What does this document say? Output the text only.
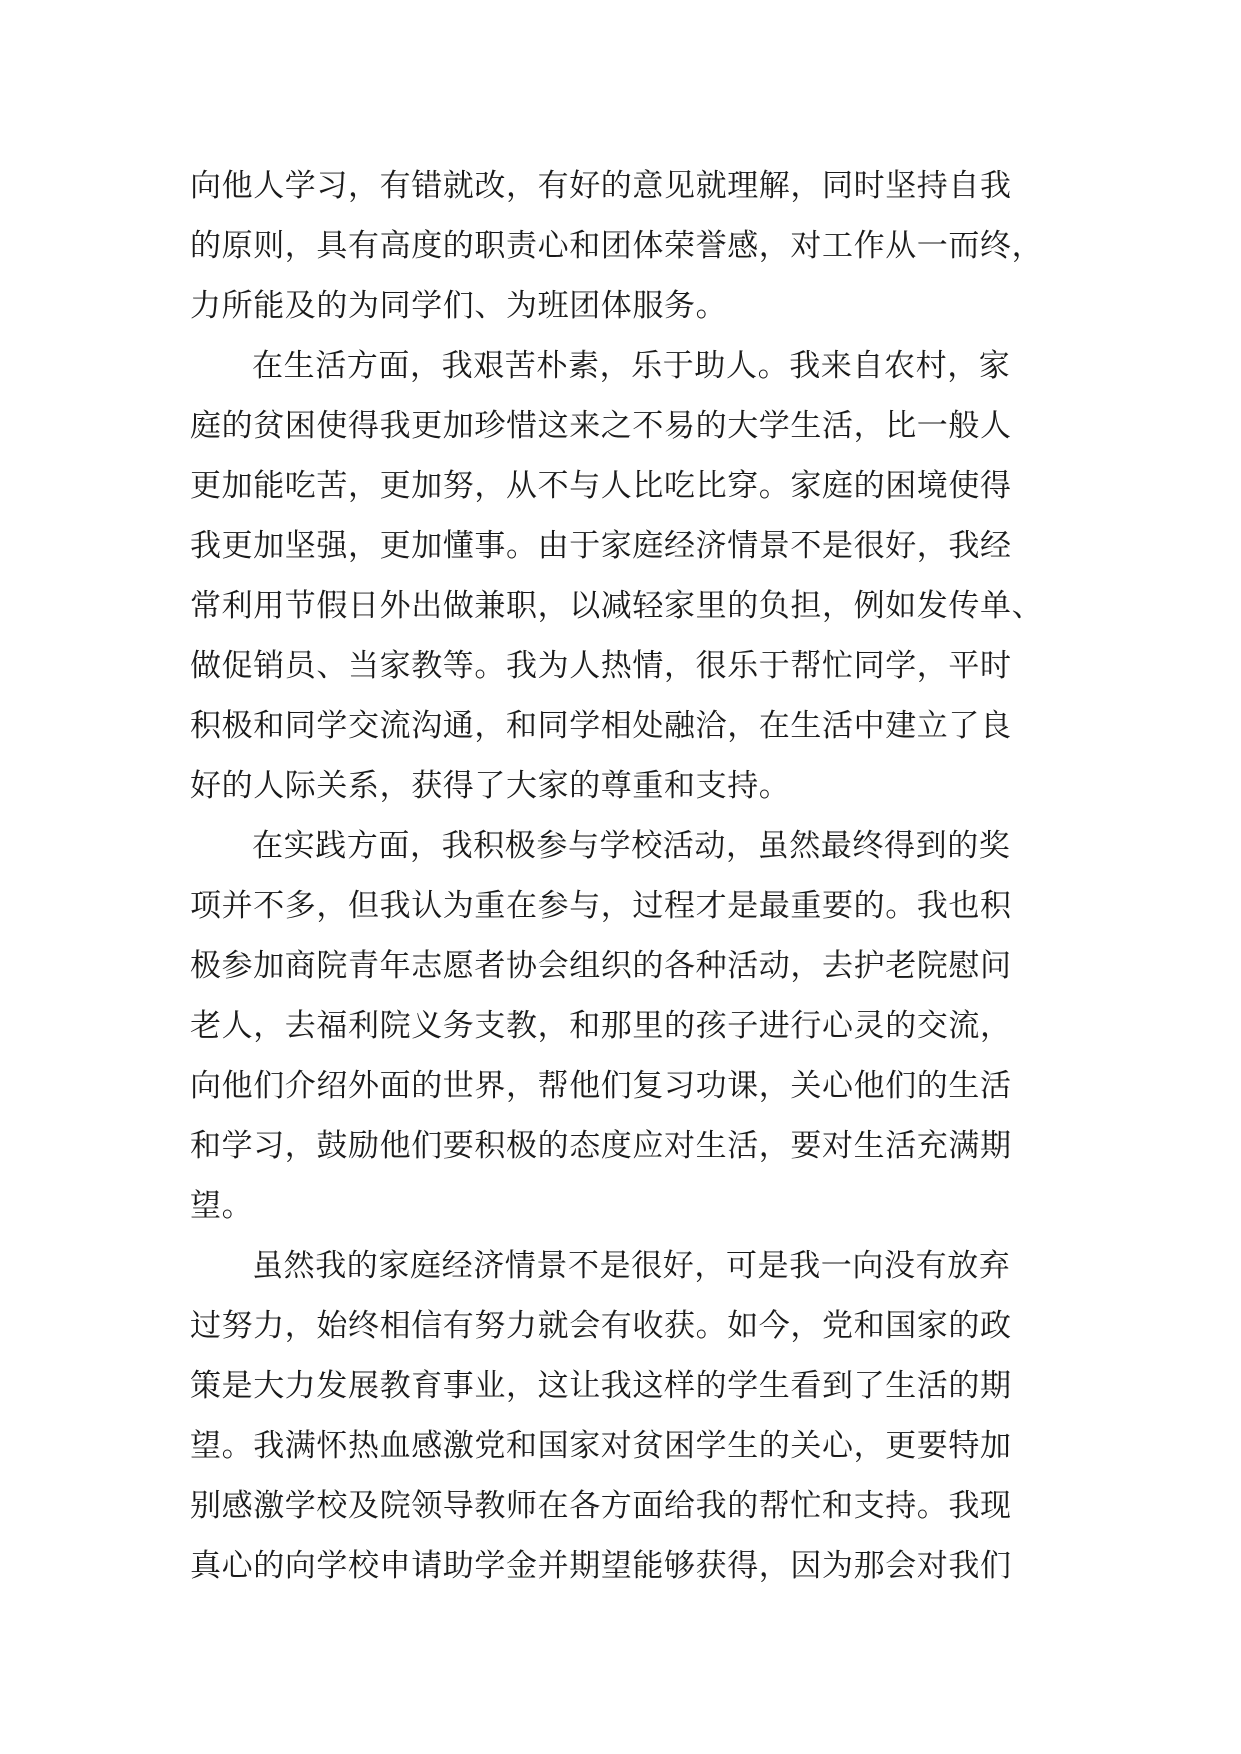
向他人学习，有错就改，有好的意见就理解，同时坚持自我
的原则，具有高度的职责心和团体荣誉感，对工作从一而终，
力所能及的为同学们、为班团体服务。

在生活方面，我艰苦朴素，乐于助人。我来自农村，家
庭的贫困使得我更加珍惜这来之不易的大学生活，比一般人
更加能吃苦，更加努，从不与人比吃比穿。家庭的困境使得
我更加坚强，更加懂事。由于家庭经济情景不是很好，我经
常利用节假日外出做兼职，以减轻家里的负担，例如发传单、
做促销员、当家教等。我为人热情，很乐于帮忙同学，平时
积极和同学交流沟通，和同学相处融洽，在生活中建立了良
好的人际关系，获得了大家的尊重和支持。

在实践方面，我积极参与学校活动，虽然最终得到的奖
项并不多，但我认为重在参与，过程才是最重要的。我也积
极参加商院青年志愿者协会组织的各种活动，去护老院慰问
老人，去福利院义务支教，和那里的孩子进行心灵的交流，
向他们介绍外面的世界，帮他们复习功课，关心他们的生活
和学习，鼓励他们要积极的态度应对生活，要对生活充满期
望。

虽然我的家庭经济情景不是很好，可是我一向没有放弃
过努力，始终相信有努力就会有收获。如今，党和国家的政
策是大力发展教育事业，这让我这样的学生看到了生活的期
望。我满怀热血感激党和国家对贫困学生的关心，更要特加
别感激学校及院领导教师在各方面给我的帮忙和支持。我现
真心的向学校申请助学金并期望能够获得，因为那会对我们
